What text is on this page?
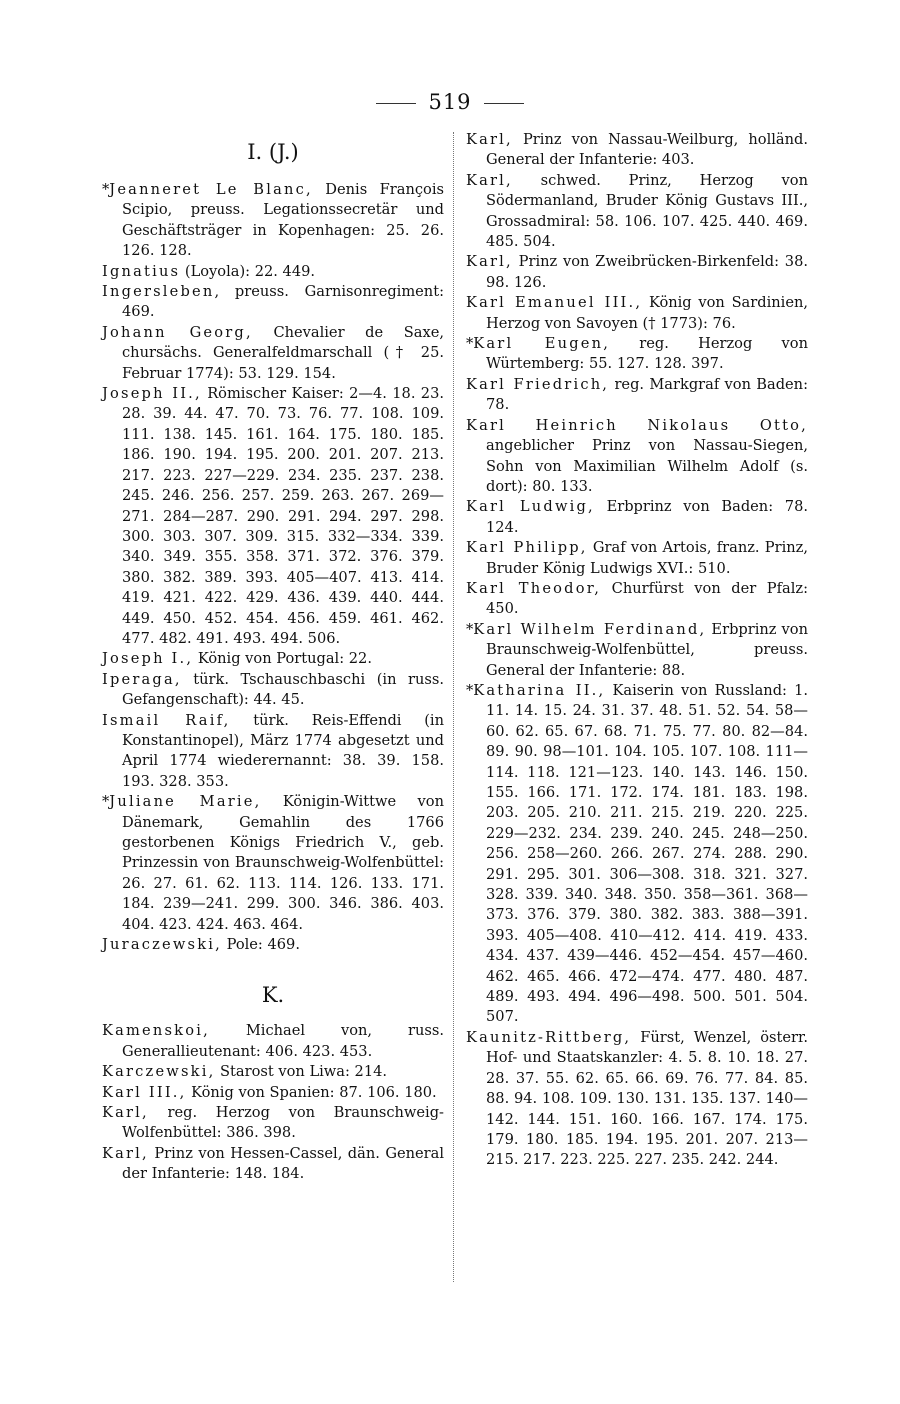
519
I. (J.)

*Jeanneret Le Blanc, Denis François Scipio, preuss. Legationssecretär und Geschäftsträger in Kopenhagen: 25. 26. 126. 128.

Ignatius (Loyola): 22. 449.

Ingersleben, preuss. Garnisonregiment: 469.

Johann Georg, Chevalier de Saxe, chursächs. Generalfeldmarschall († 25. Februar 1774): 53. 129. 154.

Joseph II., Römischer Kaiser: 2—4. 18. 23. 28. 39. 44. 47. 70. 73. 76. 77. 108. 109. 111. 138. 145. 161. 164. 175. 180. 185. 186. 190. 194. 195. 200. 201. 207. 213. 217. 223. 227—229. 234. 235. 237. 238. 245. 246. 256. 257. 259. 263. 267. 269—271. 284—287. 290. 291. 294. 297. 298. 300. 303. 307. 309. 315. 332—334. 339. 340. 349. 355. 358. 371. 372. 376. 379. 380. 382. 389. 393. 405—407. 413. 414. 419. 421. 422. 429. 436. 439. 440. 444. 449. 450. 452. 454. 456. 459. 461. 462. 477. 482. 491. 493. 494. 506.

Joseph I., König von Portugal: 22.

Iperaga, türk. Tschauschbaschi (in russ. Gefangenschaft): 44. 45.

Ismail Raif, türk. Reis-Effendi (in Konstantinopel), März 1774 abgesetzt und April 1774 wiederernannt: 38. 39. 158. 193. 328. 353.

*Juliane Marie, Königin-Wittwe von Dänemark, Gemahlin des 1766 gestorbenen Königs Friedrich V., geb. Prinzessin von Braunschweig-Wolfenbüttel: 26. 27. 61. 62. 113. 114. 126. 133. 171. 184. 239—241. 299. 300. 346. 386. 403. 404. 423. 424. 463. 464.

Juraczewski, Pole: 469.

K.

Kamenskoi, Michael von, russ. Generallieutenant: 406. 423. 453.

Karczewski, Starost von Liwa: 214.

Karl III., König von Spanien: 87. 106. 180.

Karl, reg. Herzog von Braunschweig-Wolfenbüttel: 386. 398.

Karl, Prinz von Hessen-Cassel, dän. General der Infanterie: 148. 184.

Karl, Prinz von Nassau-Weilburg, holländ. General der Infanterie: 403.

Karl, schwed. Prinz, Herzog von Södermanland, Bruder König Gustavs III., Grossadmiral: 58. 106. 107. 425. 440. 469. 485. 504.

Karl, Prinz von Zweibrücken-Birkenfeld: 38. 98. 126.

Karl Emanuel III., König von Sardinien, Herzog von Savoyen († 1773): 76.

*Karl Eugen, reg. Herzog von Würtemberg: 55. 127. 128. 397.

Karl Friedrich, reg. Markgraf von Baden: 78.

Karl Heinrich Nikolaus Otto, angeblicher Prinz von Nassau-Siegen, Sohn von Maximilian Wilhelm Adolf (s. dort): 80. 133.

Karl Ludwig, Erbprinz von Baden: 78. 124.

Karl Philipp, Graf von Artois, franz. Prinz, Bruder König Ludwigs XVI.: 510.

Karl Theodor, Churfürst von der Pfalz: 450.

*Karl Wilhelm Ferdinand, Erbprinz von Braunschweig-Wolfenbüttel, preuss. General der Infanterie: 88.

*Katharina II., Kaiserin von Russland: 1. 11. 14. 15. 24. 31. 37. 48. 51. 52. 54. 58—60. 62. 65. 67. 68. 71. 75. 77. 80. 82—84. 89. 90. 98—101. 104. 105. 107. 108. 111—114. 118. 121—123. 140. 143. 146. 150. 155. 166. 171. 172. 174. 181. 183. 198. 203. 205. 210. 211. 215. 219. 220. 225. 229—232. 234. 239. 240. 245. 248—250. 256. 258—260. 266. 267. 274. 288. 290. 291. 295. 301. 306—308. 318. 321. 327. 328. 339. 340. 348. 350. 358—361. 368—373. 376. 379. 380. 382. 383. 388—391. 393. 405—408. 410—412. 414. 419. 433. 434. 437. 439—446. 452—454. 457—460. 462. 465. 466. 472—474. 477. 480. 487. 489. 493. 494. 496—498. 500. 501. 504. 507.

Kaunitz-Rittberg, Fürst, Wenzel, österr. Hof- und Staatskanzler: 4. 5. 8. 10. 18. 27. 28. 37. 55. 62. 65. 66. 69. 76. 77. 84. 85. 88. 94. 108. 109. 130. 131. 135. 137. 140—142. 144. 151. 160. 166. 167. 174. 175. 179. 180. 185. 194. 195. 201. 207. 213—215. 217. 223. 225. 227. 235. 242. 244.
